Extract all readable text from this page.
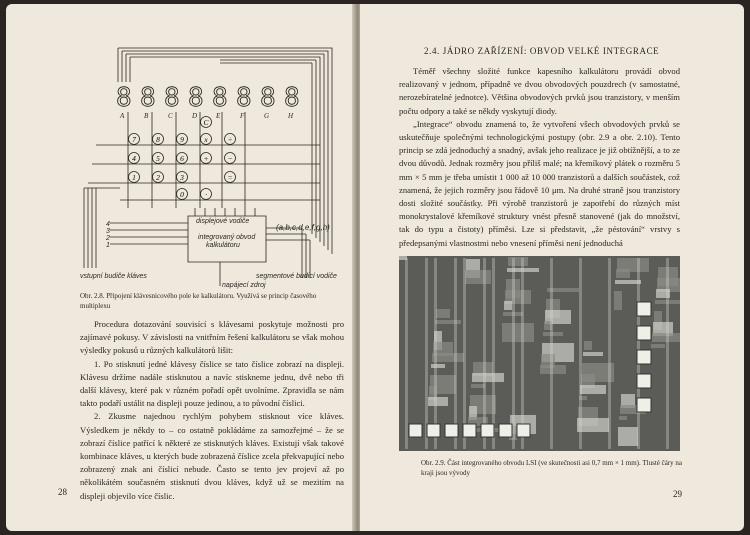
8
A
8
B
8
C
8
D
8
E
8
F
8
G
8
H
7	8	9	x	÷
4	5	6	+	−
1	2	3	=
0	·
C
displejové vodiče
integrovaný obvod
kalkulátoru
(a,b,c,d,e,f,g,h)
4
3
2
1
vstupní budiče kláves	segmentové budicí vodiče
napájecí zdroj
Obr. 2.8. Připojení klávesnicového pole ke kalkulátoru. Využívá se princip časového multiplexu

Procedura dotazování souvisící s klávesami poskytuje možnosti pro zajímavé pokusy. V závislosti na vnitřním řešení kalkulátoru se však mohou výsledky pokusů u různých kalkulátorů lišit:

1. Po stisknutí jedné klávesy číslice se tato číslice zobrazí na displeji. Klávesu držíme nadále stisknutou a navíc stiskneme jednu, dvě nebo tři další klávesy, které pak v různém pořadí opět uvolníme. Zpravidla se nám takto podaří ustálit na displeji pouze jedinou, a to původní číslici.

2. Zkusme najednou rychlým pohybem stisknout více kláves. Výsledkem je někdy to – co ostatně pokládáme za samozřejmé – že se zobrazí číslice patřící k některé ze stisknutých kláves. Existují však takové kombinace kláves, u kterých bude zobrazená číslice zcela překvapující nebo zobrazený znak ani číslicí nebude. Často se tento jev projeví až po několikátém současném stisknutí dvou kláves, když už se mezitím na displeji objevilo více číslic.

28
2.4. JÁDRO ZAŘÍZENÍ: OBVOD VELKÉ INTEGRACE

Téměř všechny složité funkce kapesního kalkulátoru provádí obvod realizovaný v jednom, případně ve dvou obvodových pouzdrech (v samostatné, nerozebíratelné jednotce). Většina obvodových prvků jsou tranzistory, v menším počtu odpory a také se někdy vyskytují diody.

„Integrace“ obvodu znamená to, že vytvoření všech obvodových prvků se uskutečňuje společnými technologickými postupy (obr. 2.9 a obr. 2.10). Tento princip se zdá jednoduchý a snadný, avšak jeho realizace je již obtížnější, a to ze dvou důvodů. Jednak rozměry jsou příliš malé; na křemíkový plátek o rozměru 5 mm × 5 mm je třeba umístit 1 000 až 10 000 tranzistorů a dalších součástek, což znamená, že jejich rozměry jsou řádově 10 μm. Na druhé straně jsou tranzistory dosti složité součástky. Při výrobě tranzistorů je zapotřebí do různých míst monokrystalové křemíkové struktury vnést přesně stanovené (jak do množství, tak do typu a čistoty) příměsi. Lze si představit, „že péstování“ vrstvy s předepsanými vlastnostmi nebo vnesení příměsi není jednoduchá

Obr. 2.9. Část integrovaného obvodu LSI (ve skutečnosti asi 0,7 mm × 1 mm). Tlusté čáry na kraji jsou vývody
29
